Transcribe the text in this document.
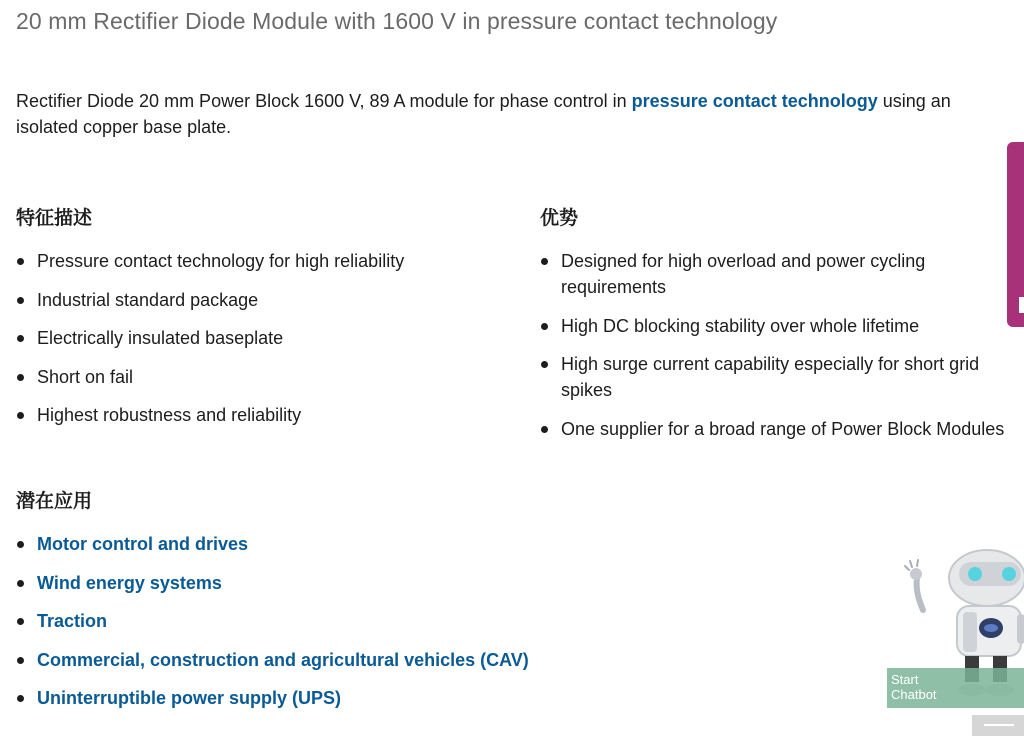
20 mm Rectifier Diode Module with 1600 V in pressure contact technology

Rectifier Diode 20 mm Power Block 1600 V, 89 A module for phase control in pressure contact technology using an isolated copper base plate.

特征描述
Pressure contact technology for high reliability
Industrial standard package
Electrically insulated baseplate
Short on fail
Highest robustness and reliability
优势
Designed for high overload and power cycling requirements
High DC blocking stability over whole lifetime
High surge current capability especially for short grid spikes
One supplier for a broad range of Power Block Modules
潜在应用
Motor control and drives
Wind energy systems
Traction
Commercial, construction and agricultural vehicles (CAV)
Uninterruptible power supply (UPS)
Start
Chatbot
